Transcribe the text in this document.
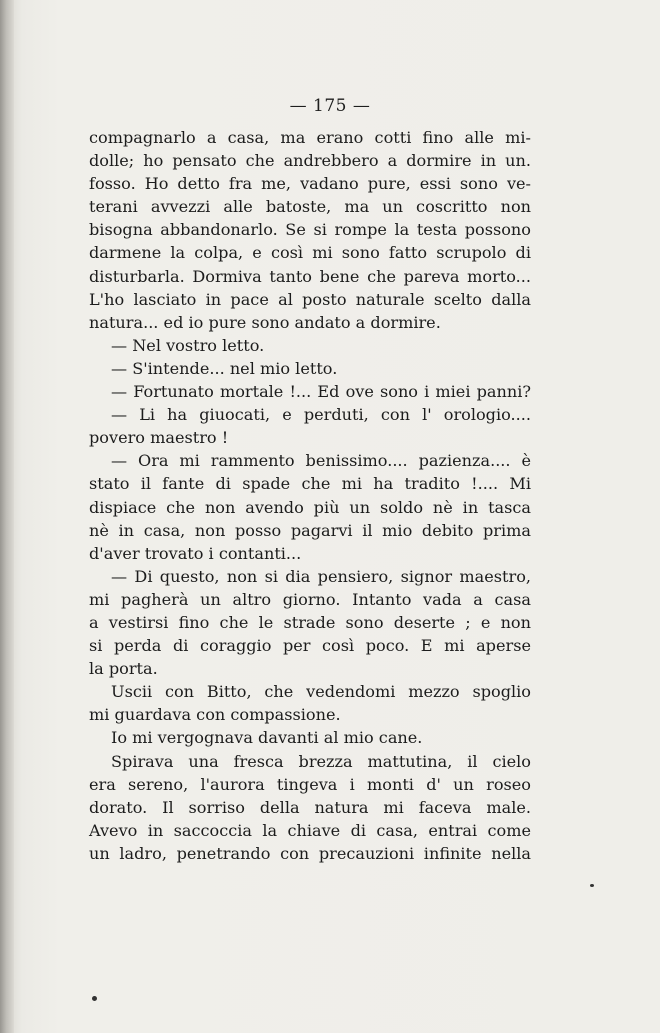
— 175 —
compagnarlo a casa, ma erano cotti fino alle mi-
dolle; ho pensato che andrebbero a dormire in un.
fosso. Ho detto fra me, vadano pure, essi sono ve-
terani avvezzi alle batoste, ma un coscritto non
bisogna abbandonarlo. Se si rompe la testa possono
darmene la colpa, e così mi sono fatto scrupolo di
disturbarla. Dormiva tanto bene che pareva morto...
L'ho lasciato in pace al posto naturale scelto dalla
natura... ed io pure sono andato a dormire.
— Nel vostro letto.
— S'intende... nel mio letto.
— Fortunato mortale !... Ed ove sono i miei panni?
— Li ha giuocati, e perduti, con l' orologio....
povero maestro !
— Ora mi rammento benissimo.... pazienza.... è
stato il fante di spade che mi ha tradito !.... Mi
dispiace che non avendo più un soldo nè in tasca
nè in casa, non posso pagarvi il mio debito prima
d'aver trovato i contanti...
— Di questo, non si dia pensiero, signor maestro,
mi pagherà un altro giorno. Intanto vada a casa
a vestirsi fino che le strade sono deserte ; e non
si perda di coraggio per così poco. E mi aperse
la porta.
Uscii con Bitto, che vedendomi mezzo spoglio
mi guardava con compassione.
Io mi vergognava davanti al mio cane.
Spirava una fresca brezza mattutina, il cielo
era sereno, l'aurora tingeva i monti d' un roseo
dorato. Il sorriso della natura mi faceva male.
Avevo in saccoccia la chiave di casa, entrai come
un ladro, penetrando con precauzioni infinite nella
